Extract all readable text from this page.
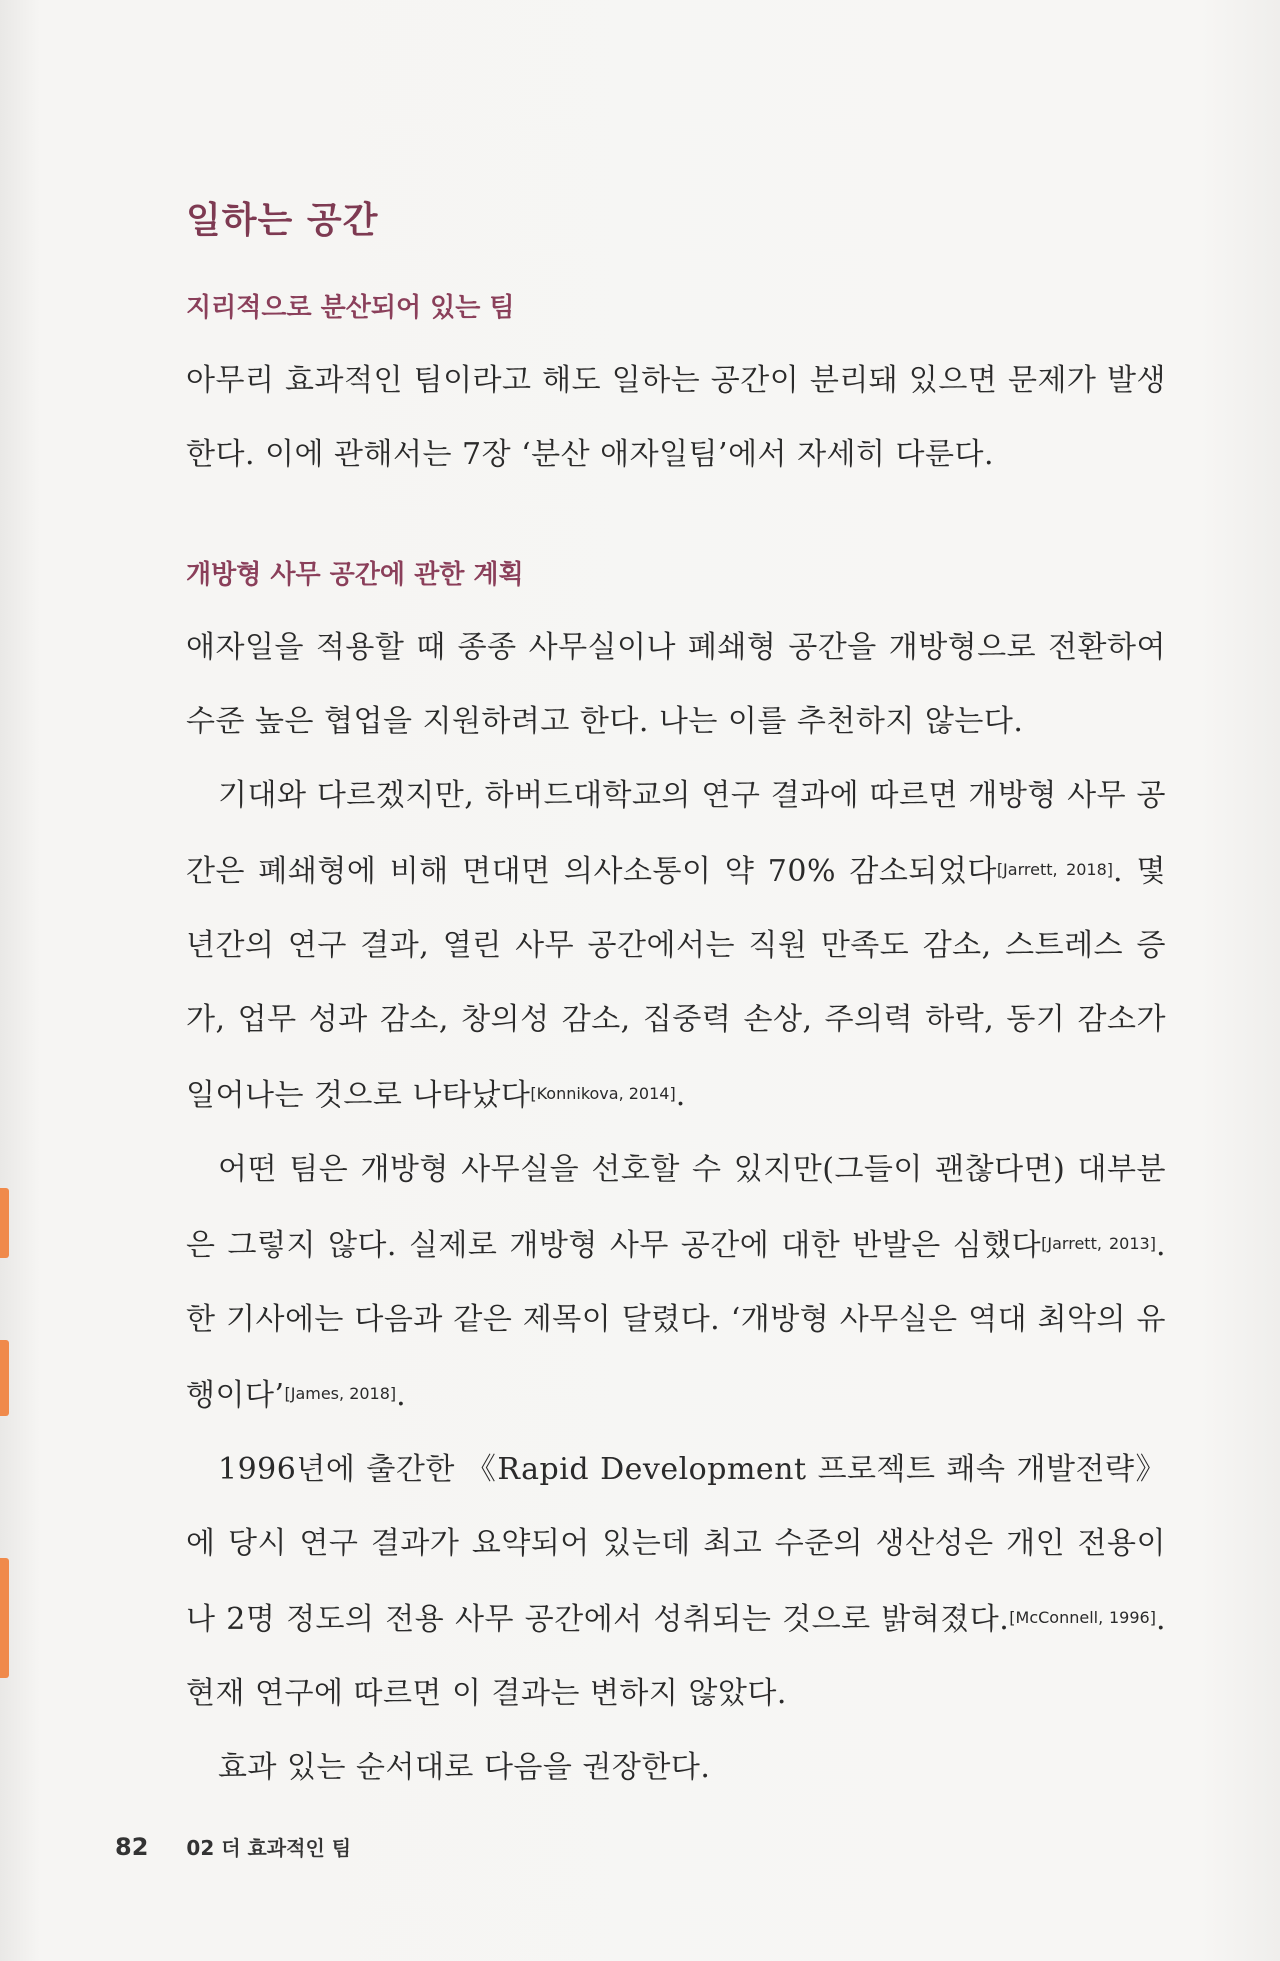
일하는 공간
지리적으로 분산되어 있는 팀

아무리 효과적인 팀이라고 해도 일하는 공간이 분리돼 있으면 문제가 발생한다. 이에 관해서는 7장 ‘분산 애자일팀’에서 자세히 다룬다.

개방형 사무 공간에 관한 계획

애자일을 적용할 때 종종 사무실이나 폐쇄형 공간을 개방형으로 전환하여 수준 높은 협업을 지원하려고 한다. 나는 이를 추천하지 않는다.

기대와 다르겠지만, 하버드대학교의 연구 결과에 따르면 개방형 사무 공간은 폐쇄형에 비해 면대면 의사소통이 약 70% 감소되었다[Jarrett, 2018]. 몇 년간의 연구 결과, 열린 사무 공간에서는 직원 만족도 감소, 스트레스 증가, 업무 성과 감소, 창의성 감소, 집중력 손상, 주의력 하락, 동기 감소가 일어나는 것으로 나타났다[Konnikova, 2014].

어떤 팀은 개방형 사무실을 선호할 수 있지만(그들이 괜찮다면) 대부분은 그렇지 않다. 실제로 개방형 사무 공간에 대한 반발은 심했다[Jarrett, 2013]. 한 기사에는 다음과 같은 제목이 달렸다. ‘개방형 사무실은 역대 최악의 유행이다’[James, 2018].

1996년에 출간한 《Rapid Development 프로젝트 쾌속 개발전략》에 당시 연구 결과가 요약되어 있는데 최고 수준의 생산성은 개인 전용이나 2명 정도의 전용 사무 공간에서 성취되는 것으로 밝혀졌다.[McConnell, 1996]. 현재 연구에 따르면 이 결과는 변하지 않았다.

효과 있는 순서대로 다음을 권장한다.

82 02 더 효과적인 팀
